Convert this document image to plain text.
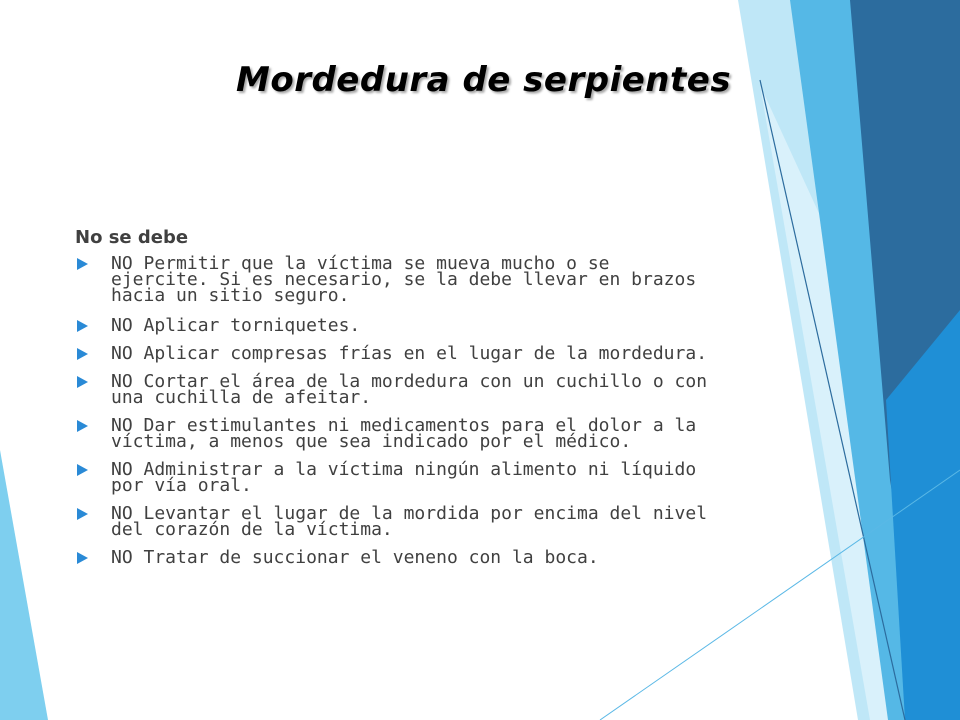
Mordedura de serpientes

No se debe

NO Permitir que la víctima se mueva mucho o se
ejercite. Si es necesario, se la debe llevar en brazos
hacia un sitio seguro.
NO Aplicar torniquetes.
NO Aplicar compresas frías en el lugar de la mordedura.
NO Cortar el área de la mordedura con un cuchillo o con
una cuchilla de afeitar.
NO Dar estimulantes ni medicamentos para el dolor a la
víctima, a menos que sea indicado por el médico.
NO Administrar a la víctima ningún alimento ni líquido
por vía oral.
NO Levantar el lugar de la mordida por encima del nivel
del corazón de la víctima.
NO Tratar de succionar el veneno con la boca.
